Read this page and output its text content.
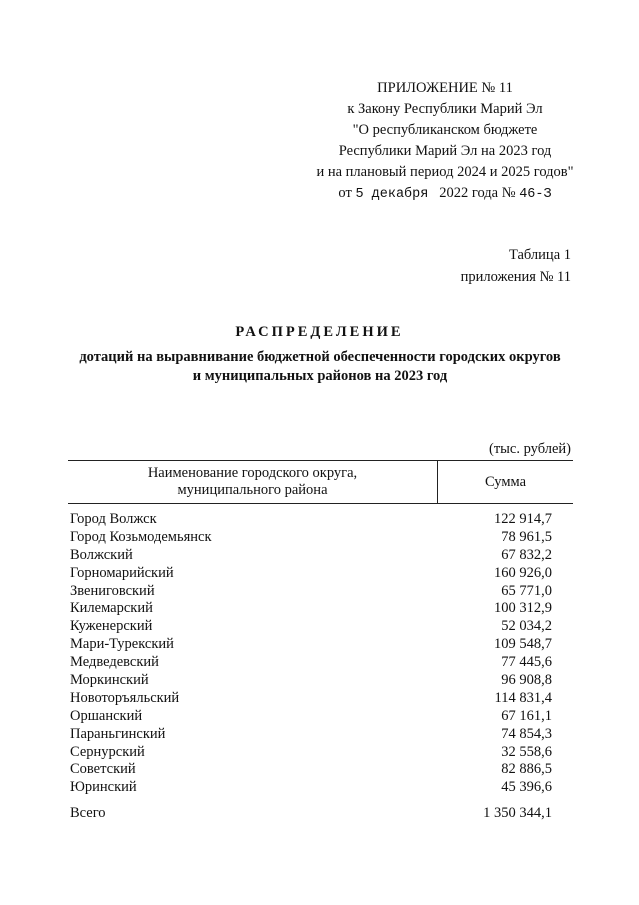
ПРИЛОЖЕНИЕ № 11
к Закону Республики Марий Эл
"О республиканском бюджете
Республики Марий Эл на 2023 год
и на плановый период 2024 и 2025 годов"
от 5 декабря 2022 года № 46-З
Таблица 1
приложения № 11
РАСПРЕДЕЛЕНИЕ
дотаций на выравнивание бюджетной обеспеченности городских округов
и муниципальных районов на 2023 год
(тыс. рублей)
Наименование городского округа,
муниципального района
Сумма
Город Волжск	122 914,7
Город Козьмодемьянск	78 961,5
Волжский	67 832,2
Горномарийский	160 926,0
Звениговский	65 771,0
Килемарский	100 312,9
Куженерский	52 034,2
Мари-Турекский	109 548,7
Медведевский	77 445,6
Моркинский	96 908,8
Новоторъяльский	114 831,4
Оршанский	67 161,1
Параньгинский	74 854,3
Сернурский	32 558,6
Советский	82 886,5
Юринский	45 396,6
Всего	1 350 344,1
